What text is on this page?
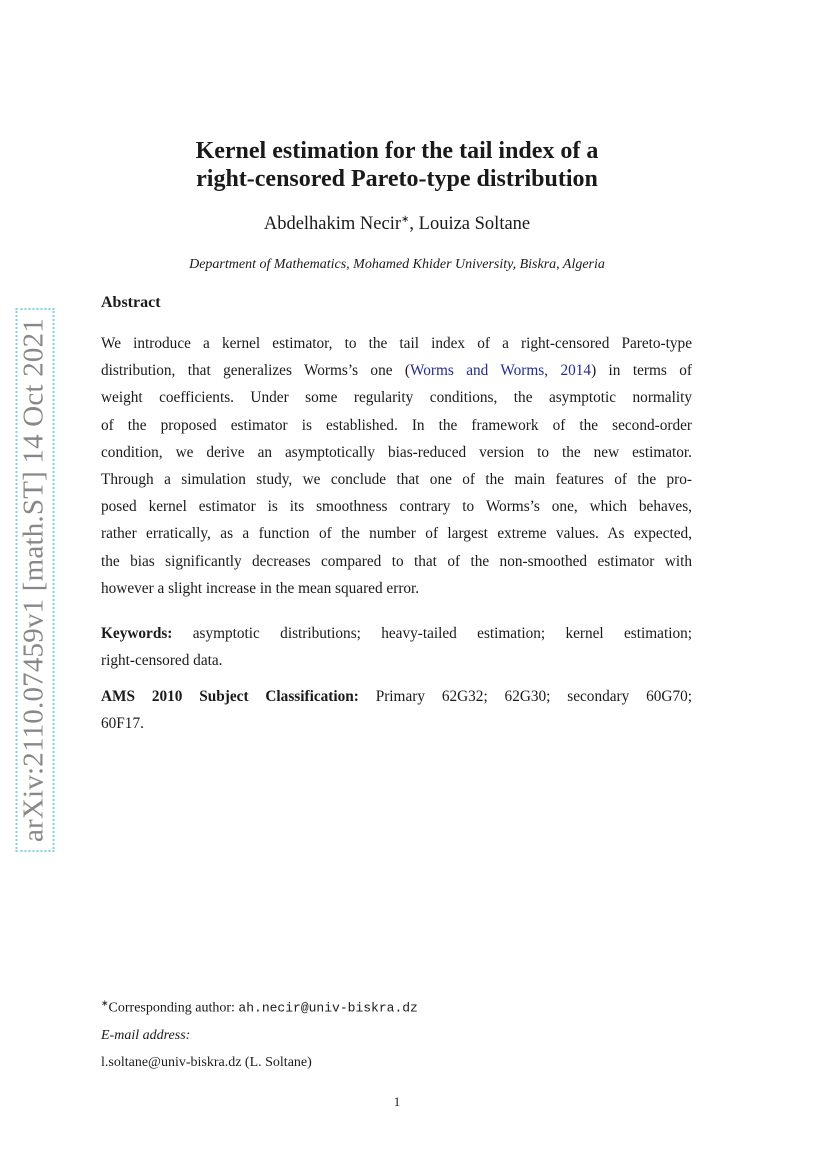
arXiv:2110.07459v1 [math.ST] 14 Oct 2021
Kernel estimation for the tail index of a
right-censored Pareto-type distribution
Abdelhakim Necir∗, Louiza Soltane
Department of Mathematics, Mohamed Khider University, Biskra, Algeria
Abstract
We introduce a kernel estimator, to the tail index of a right-censored Pareto-type
distribution, that generalizes Worms’s one (Worms and Worms, 2014) in terms of
weight coefficients. Under some regularity conditions, the asymptotic normality
of the proposed estimator is established. In the framework of the second-order
condition, we derive an asymptotically bias-reduced version to the new estimator.
Through a simulation study, we conclude that one of the main features of the pro-
posed kernel estimator is its smoothness contrary to Worms’s one, which behaves,
rather erratically, as a function of the number of largest extreme values. As expected,
the bias significantly decreases compared to that of the non-smoothed estimator with
however a slight increase in the mean squared error.
Keywords: asymptotic distributions; heavy-tailed estimation; kernel estimation;
right-censored data.
AMS 2010 Subject Classification: Primary 62G32; 62G30; secondary 60G70;
60F17.
∗Corresponding author: ah.necir@univ-biskra.dz
E-mail address:
l.soltane@univ-biskra.dz (L. Soltane)
1
